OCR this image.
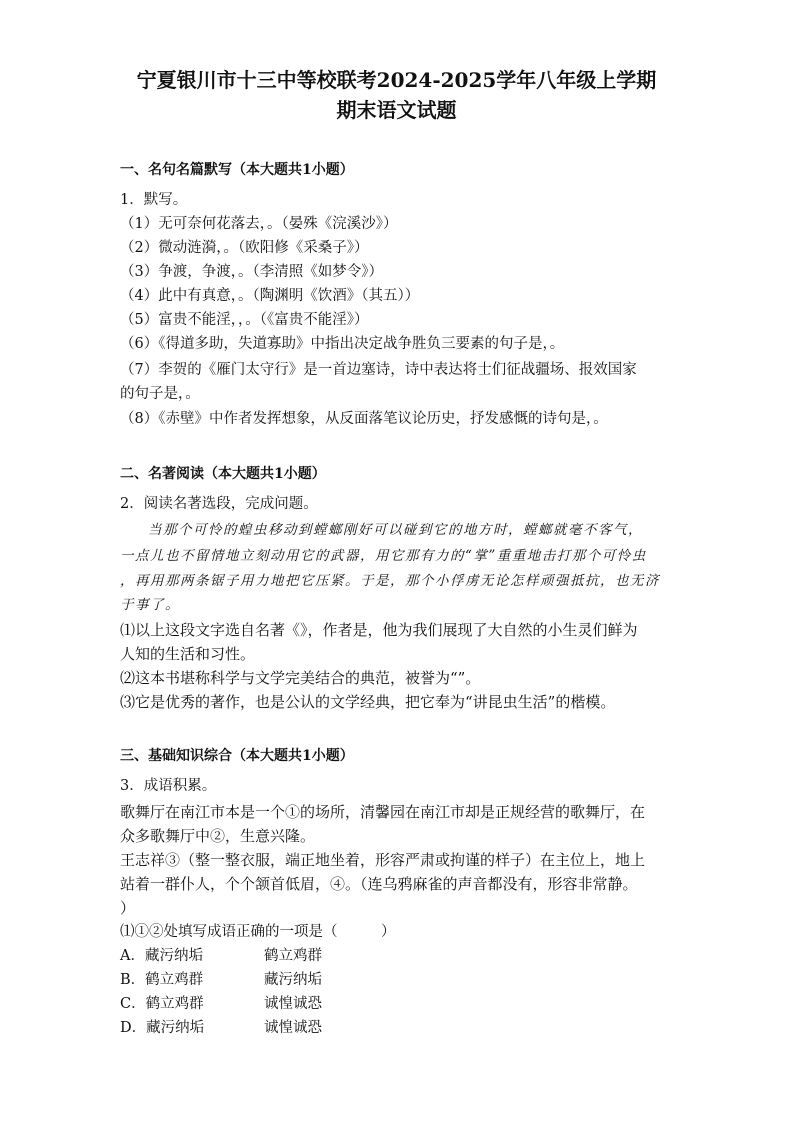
宁夏银川市十三中等校联考2024-2025学年八年级上学期
期末语文试题
一、名句名篇默写（本大题共1小题）
1．默写。
（1）无可奈何花落去，。（晏殊《浣溪沙》）
（2）微动涟漪，。（欧阳修《采桑子》）
（3）争渡，争渡，。（李清照《如梦令》）
（4）此中有真意，。（陶渊明《饮酒》（其五））
（5）富贵不能淫，，。（《富贵不能淫》）
（6）《得道多助，失道寡助》中指出决定战争胜负三要素的句子是，。
（7）李贺的《雁门太守行》是一首边塞诗，诗中表达将士们征战疆场、报效国家
的句子是，。
（8）《赤壁》中作者发挥想象，从反面落笔议论历史，抒发感慨的诗句是，。
二、名著阅读（本大题共1小题）
2．阅读名著选段，完成问题。
当那个可怜的蝗虫移动到螳螂刚好可以碰到它的地方时，螳螂就毫不客气，
一点儿也不留情地立刻动用它的武器，用它那有力的“掌”重重地击打那个可怜虫
，再用那两条锯子用力地把它压紧。于是，那个小俘虏无论怎样顽强抵抗，也无济
于事了。
⑴以上这段文字选自名著《》，作者是，他为我们展现了大自然的小生灵们鲜为
人知的生活和习性。
⑵这本书堪称科学与文学完美结合的典范，被誉为“”。
⑶它是优秀的著作，也是公认的文学经典，把它奉为“讲昆虫生活”的楷模。
三、基础知识综合（本大题共1小题）
3．成语积累。
歌舞厅在南江市本是一个①的场所，清馨园在南江市却是正规经营的歌舞厅，在
众多歌舞厅中②，生意兴隆。
王志祥③（整一整衣服，端正地坐着，形容严肃或拘谨的样子）在主位上，地上
站着一群仆人，个个颔首低眉，④。（连乌鸦麻雀的声音都没有，形容非常静。
）
⑴①②处填写成语正确的一项是（　　　）
A．藏污纳垢	鹤立鸡群
B．鹤立鸡群	藏污纳垢
C．鹤立鸡群	诚惶诚恐
D．藏污纳垢	诚惶诚恐
